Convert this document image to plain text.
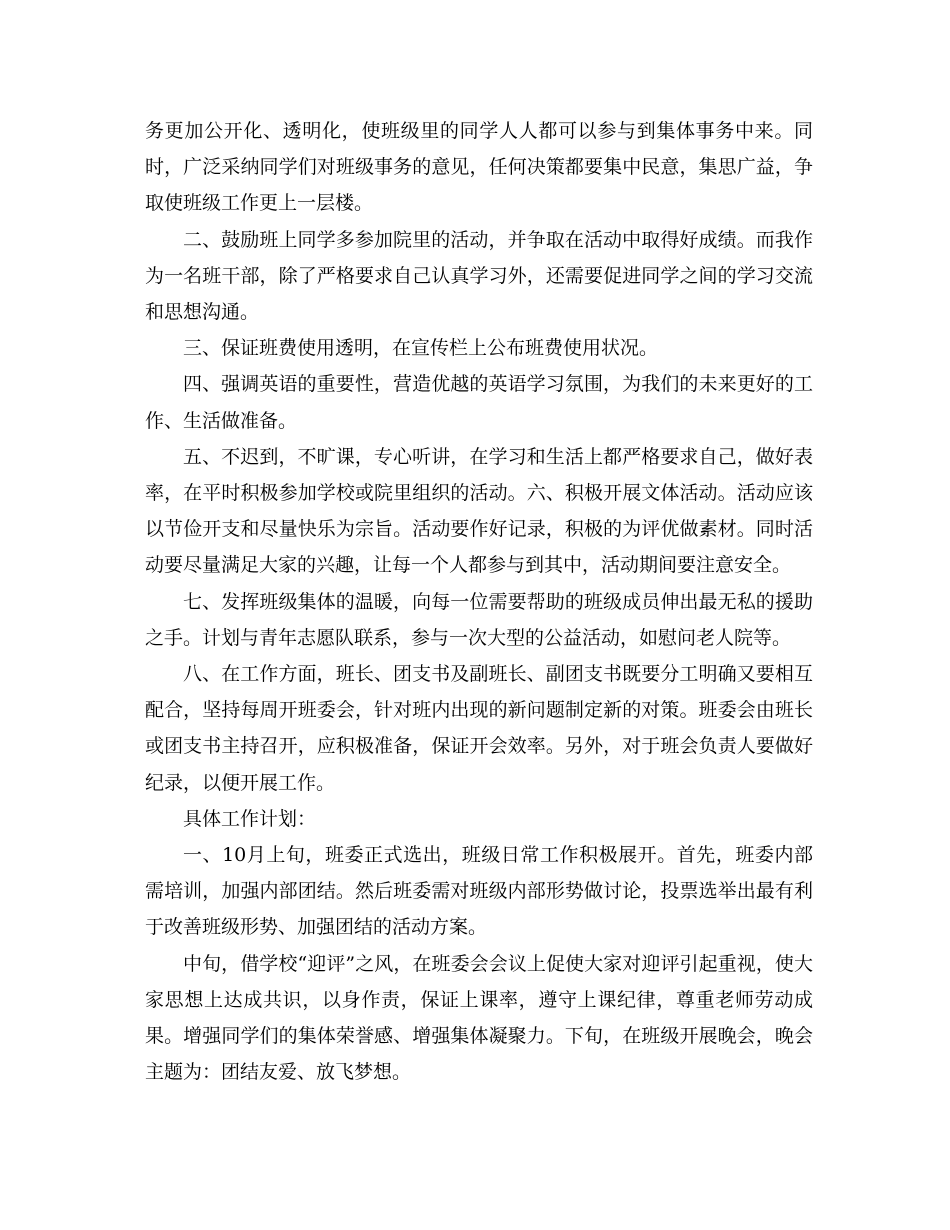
务更加公开化、透明化，使班级里的同学人人都可以参与到集体事务中来。同时，广泛采纳同学们对班级事务的意见，任何决策都要集中民意，集思广益，争取使班级工作更上一层楼。

二、鼓励班上同学多参加院里的活动，并争取在活动中取得好成绩。而我作为一名班干部，除了严格要求自己认真学习外，还需要促进同学之间的学习交流和思想沟通。

三、保证班费使用透明，在宣传栏上公布班费使用状况。

四、强调英语的重要性，营造优越的英语学习氛围，为我们的未来更好的工作、生活做准备。

五、不迟到，不旷课，专心听讲，在学习和生活上都严格要求自己，做好表率，在平时积极参加学校或院里组织的活动。六、积极开展文体活动。活动应该以节俭开支和尽量快乐为宗旨。活动要作好记录，积极的为评优做素材。同时活动要尽量满足大家的兴趣，让每一个人都参与到其中，活动期间要注意安全。

七、发挥班级集体的温暖，向每一位需要帮助的班级成员伸出最无私的援助之手。计划与青年志愿队联系，参与一次大型的公益活动，如慰问老人院等。

八、在工作方面，班长、团支书及副班长、副团支书既要分工明确又要相互配合，坚持每周开班委会，针对班内出现的新问题制定新的对策。班委会由班长或团支书主持召开，应积极准备，保证开会效率。另外，对于班会负责人要做好纪录，以便开展工作。

具体工作计划：

一、10月上旬，班委正式选出，班级日常工作积极展开。首先，班委内部需培训，加强内部团结。然后班委需对班级内部形势做讨论，投票选举出最有利于改善班级形势、加强团结的活动方案。

中旬，借学校“迎评”之风，在班委会会议上促使大家对迎评引起重视，使大家思想上达成共识，以身作责，保证上课率，遵守上课纪律，尊重老师劳动成果。增强同学们的集体荣誉感、增强集体凝聚力。下旬，在班级开展晚会，晚会主题为：团结友爱、放飞梦想。
